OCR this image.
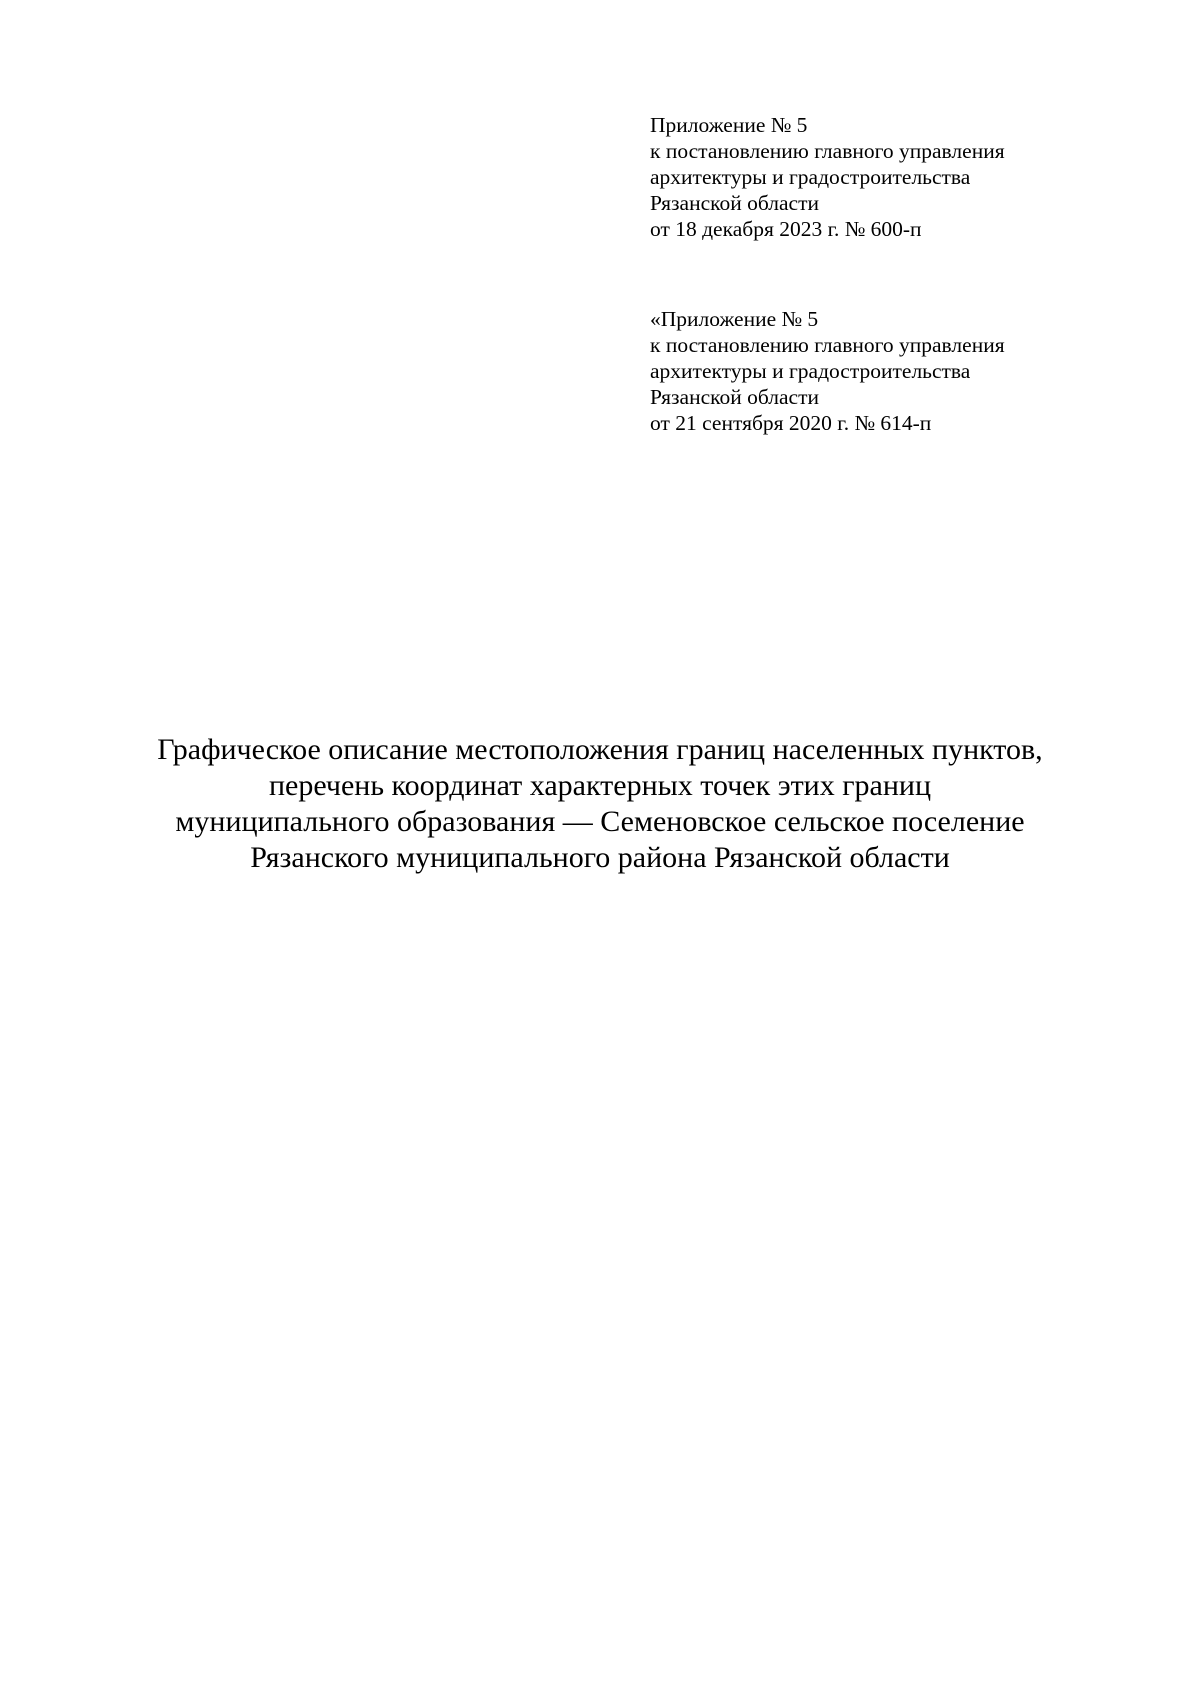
Приложение № 5
к постановлению главного управления
архитектуры и градостроительства
Рязанской области
от 18 декабря 2023 г. № 600-п
«Приложение № 5
к постановлению главного управления
архитектуры и градостроительства
Рязанской области
от 21 сентября 2020 г. № 614-п
Графическое описание местоположения границ населенных пунктов,
перечень координат характерных точек этих границ
муниципального образования — Семеновское сельское поселение
Рязанского муниципального района Рязанской области
